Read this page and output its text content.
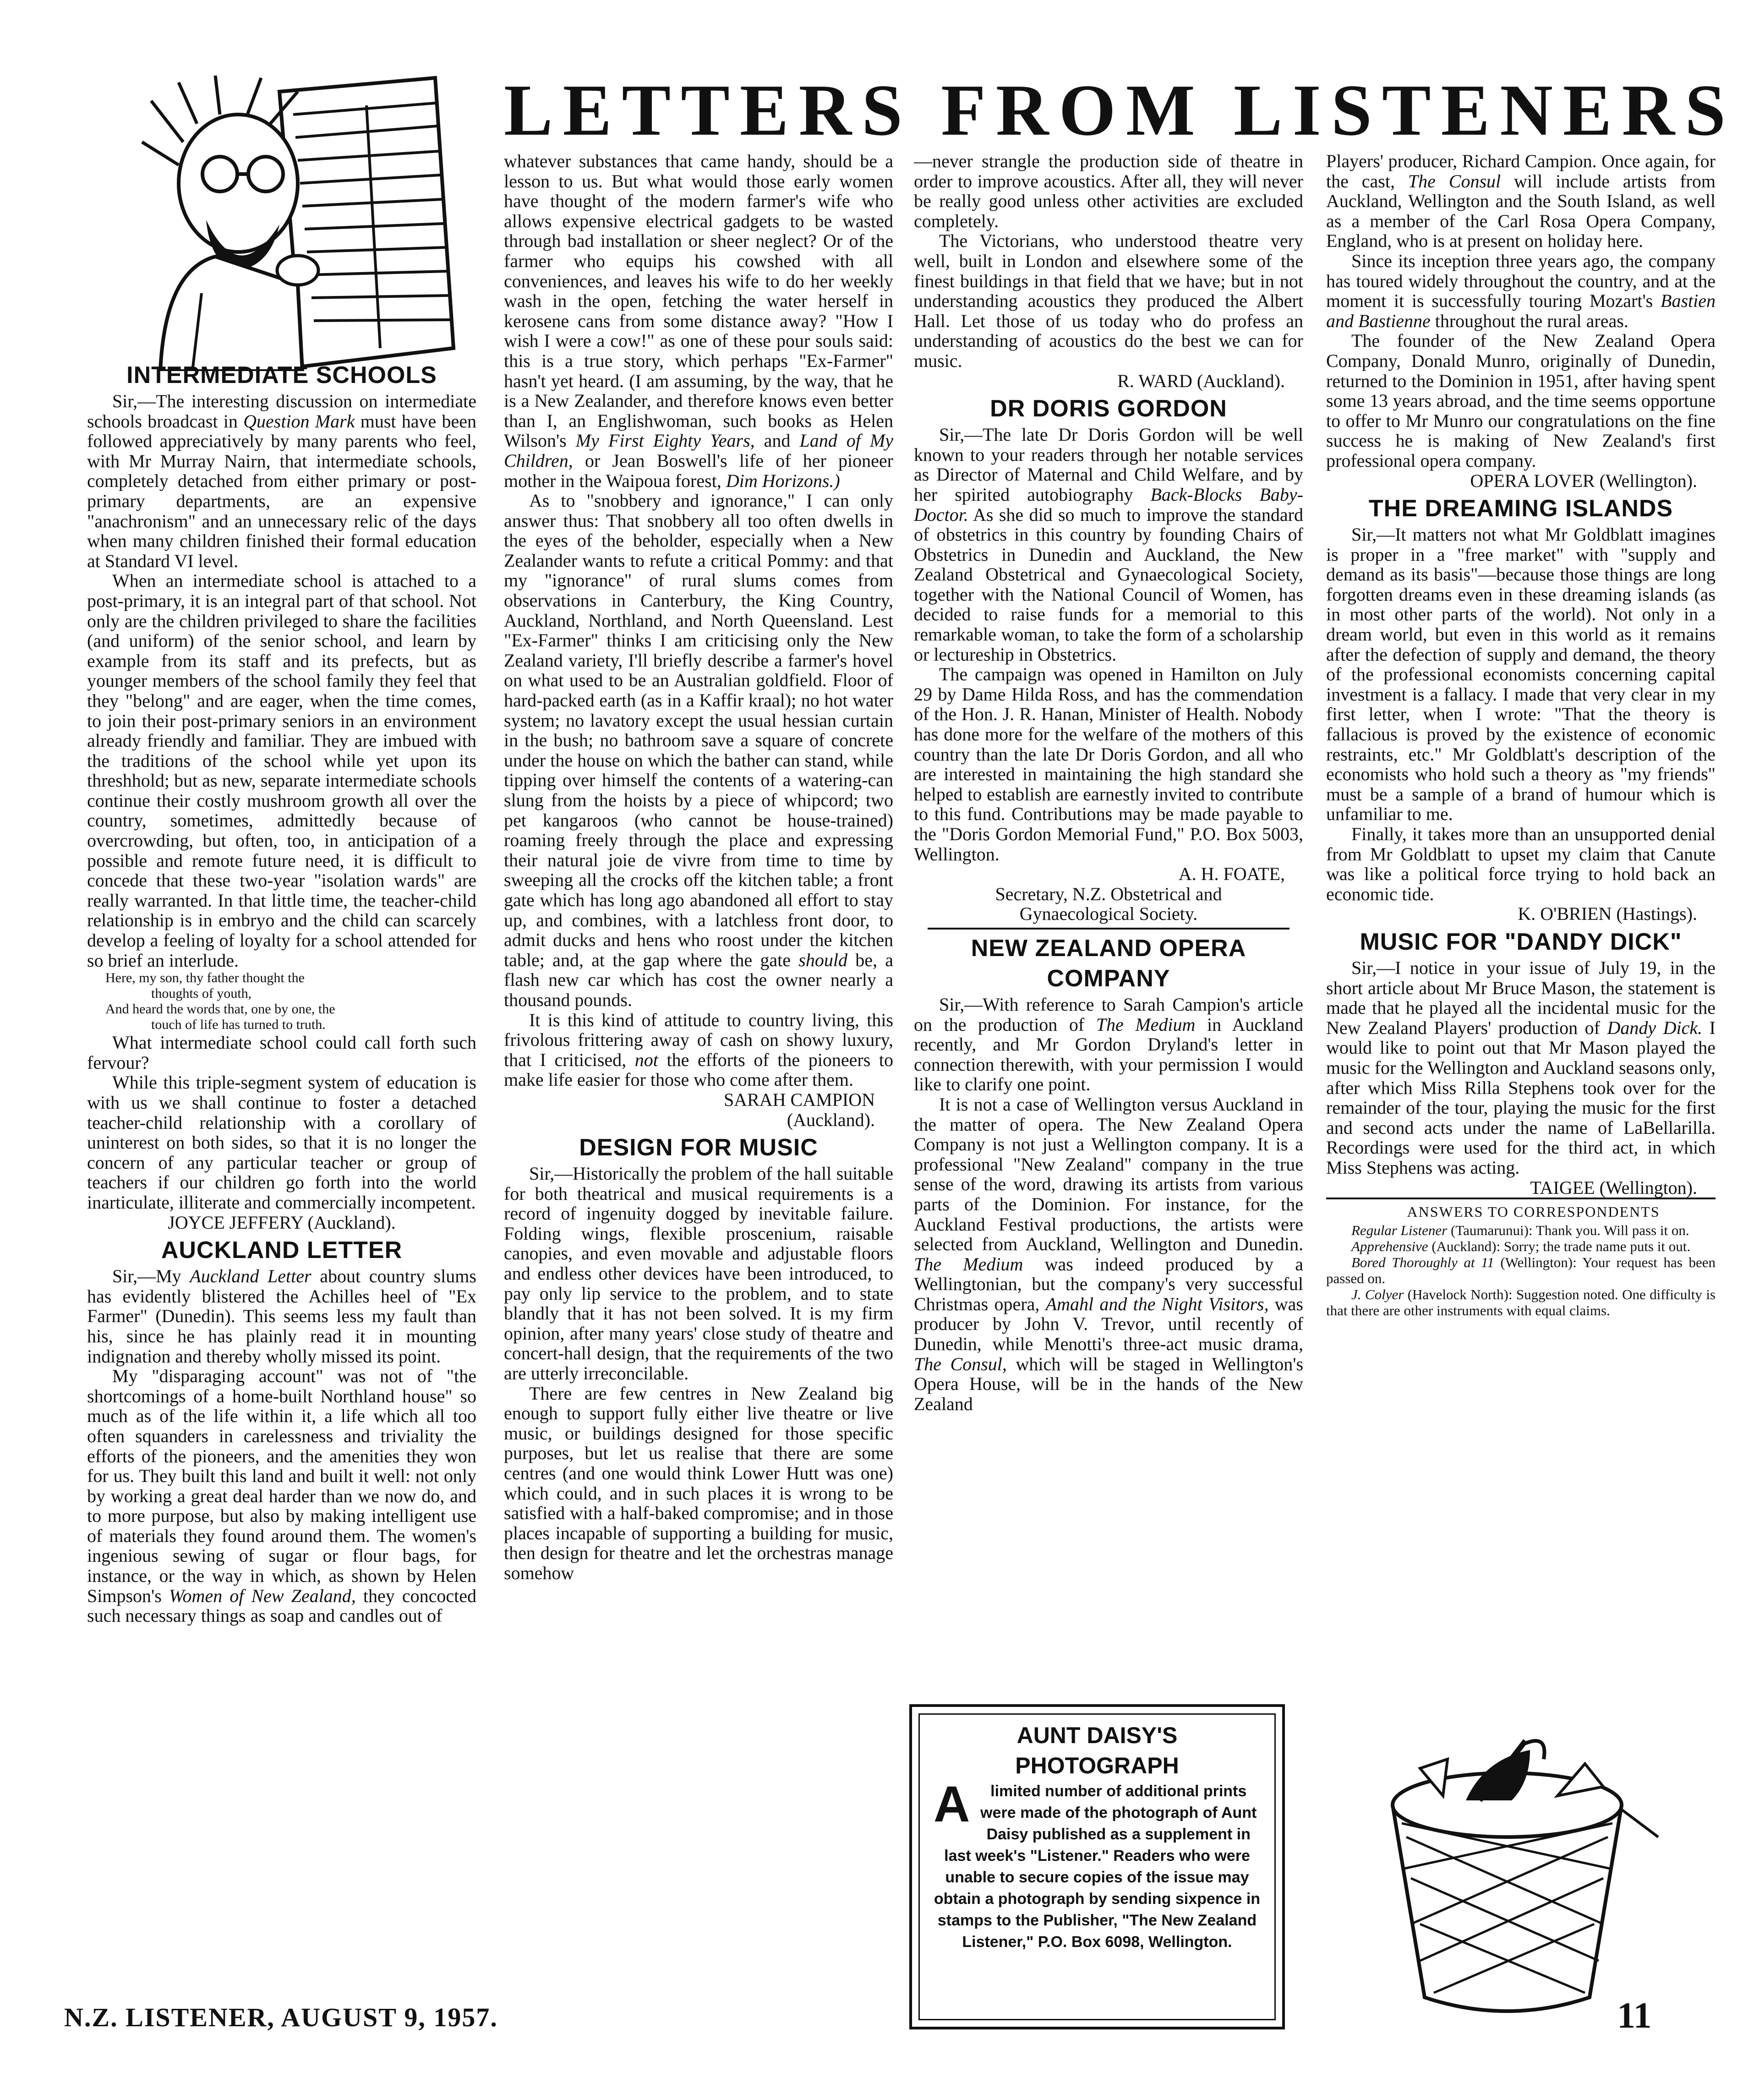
LETTERS FROM LISTENERS
INTERMEDIATE SCHOOLS

Sir,—The interesting discussion on intermediate schools broadcast in Question Mark must have been followed appreciatively by many parents who feel, with Mr Murray Nairn, that intermediate schools, completely detached from either primary or post-primary departments, are an expensive "anachronism" and an unnecessary relic of the days when many children finished their formal education at Standard VI level.

When an intermediate school is attached to a post-primary, it is an integral part of that school. Not only are the children privileged to share the facilities (and uniform) of the senior school, and learn by example from its staff and its prefects, but as younger members of the school family they feel that they "belong" and are eager, when the time comes, to join their post-primary seniors in an environment already friendly and familiar. They are imbued with the traditions of the school while yet upon its threshhold; but as new, separate intermediate schools continue their costly mushroom growth all over the country, sometimes, admittedly because of overcrowding, but often, too, in anticipation of a possible and remote future need, it is difficult to concede that these two-year "isolation wards" are really warranted. In that little time, the teacher-child relationship is in embryo and the child can scarcely develop a feeling of loyalty for a school attended for so brief an interlude.

Here, my son, thy father thought the

thoughts of youth,

And heard the words that, one by one, the

touch of life has turned to truth.

What intermediate school could call forth such fervour?

While this triple-segment system of education is with us we shall continue to foster a detached teacher-child relationship with a corollary of uninterest on both sides, so that it is no longer the concern of any particular teacher or group of teachers if our children go forth into the world inarticulate, illiterate and commercially incompetent.

JOYCE JEFFERY (Auckland).

AUCKLAND LETTER

Sir,—My Auckland Letter about country slums has evidently blistered the Achilles heel of "Ex Farmer" (Dunedin). This seems less my fault than his, since he has plainly read it in mounting indignation and thereby wholly missed its point.

My "disparaging account" was not of "the shortcomings of a home-built Northland house" so much as of the life within it, a life which all too often squanders in carelessness and triviality the efforts of the pioneers, and the amenities they won for us. They built this land and built it well: not only by working a great deal harder than we now do, and to more purpose, but also by making intelligent use of materials they found around them. The women's ingenious sewing of sugar or flour bags, for instance, or the way in which, as shown by Helen Simpson's Women of New Zealand, they concocted such necessary things as soap and candles out of

whatever substances that came handy, should be a lesson to us. But what would those early women have thought of the modern farmer's wife who allows expensive electrical gadgets to be wasted through bad installation or sheer neglect? Or of the farmer who equips his cowshed with all conveniences, and leaves his wife to do her weekly wash in the open, fetching the water herself in kerosene cans from some distance away? "How I wish I were a cow!" as one of these pour souls said: this is a true story, which perhaps "Ex-Farmer" hasn't yet heard. (I am assuming, by the way, that he is a New Zealander, and therefore knows even better than I, an Englishwoman, such books as Helen Wilson's My First Eighty Years, and Land of My Children, or Jean Boswell's life of her pioneer mother in the Waipoua forest, Dim Horizons.)

As to "snobbery and ignorance," I can only answer thus: That snobbery all too often dwells in the eyes of the beholder, especially when a New Zealander wants to refute a critical Pommy: and that my "ignorance" of rural slums comes from observations in Canterbury, the King Country, Auckland, Northland, and North Queensland. Lest "Ex-Farmer" thinks I am criticising only the New Zealand variety, I'll briefly describe a farmer's hovel on what used to be an Australian goldfield. Floor of hard-packed earth (as in a Kaffir kraal); no hot water system; no lavatory except the usual hessian curtain in the bush; no bathroom save a square of concrete under the house on which the bather can stand, while tipping over himself the contents of a watering-can slung from the hoists by a piece of whipcord; two pet kangaroos (who cannot be house-trained) roaming freely through the place and expressing their natural joie de vivre from time to time by sweeping all the crocks off the kitchen table; a front gate which has long ago abandoned all effort to stay up, and combines, with a latchless front door, to admit ducks and hens who roost under the kitchen table; and, at the gap where the gate should be, a flash new car which has cost the owner nearly a thousand pounds.

It is this kind of attitude to country living, this frivolous frittering away of cash on showy luxury, that I criticised, not the efforts of the pioneers to make life easier for those who come after them.

SARAH CAMPION

(Auckland).

DESIGN FOR MUSIC

Sir,—Historically the problem of the hall suitable for both theatrical and musical requirements is a record of ingenuity dogged by inevitable failure. Folding wings, flexible proscenium, raisable canopies, and even movable and adjustable floors and endless other devices have been introduced, to pay only lip service to the problem, and to state blandly that it has not been solved. It is my firm opinion, after many years' close study of theatre and concert-hall design, that the requirements of the two are utterly irreconcilable.

There are few centres in New Zealand big enough to support fully either live theatre or live music, or buildings designed for those specific purposes, but let us realise that there are some centres (and one would think Lower Hutt was one) which could, and in such places it is wrong to be satisfied with a half-baked compromise; and in those places incapable of supporting a building for music, then design for theatre and let the orchestras manage somehow

—never strangle the production side of theatre in order to improve acoustics. After all, they will never be really good unless other activities are excluded completely.

The Victorians, who understood theatre very well, built in London and elsewhere some of the finest buildings in that field that we have; but in not understanding acoustics they produced the Albert Hall. Let those of us today who do profess an understanding of acoustics do the best we can for music.

R. WARD (Auckland).

DR DORIS GORDON

Sir,—The late Dr Doris Gordon will be well known to your readers through her notable services as Director of Maternal and Child Welfare, and by her spirited autobiography Back-Blocks Baby-Doctor. As she did so much to improve the standard of obstetrics in this country by founding Chairs of Obstetrics in Dunedin and Auckland, the New Zealand Obstetrical and Gynaecological Society, together with the National Council of Women, has decided to raise funds for a memorial to this remarkable woman, to take the form of a scholarship or lectureship in Obstetrics.

The campaign was opened in Hamilton on July 29 by Dame Hilda Ross, and has the commendation of the Hon. J. R. Hanan, Minister of Health. Nobody has done more for the welfare of the mothers of this country than the late Dr Doris Gordon, and all who are interested in maintaining the high standard she helped to establish are earnestly invited to contribute to this fund. Contributions may be made payable to the "Doris Gordon Memorial Fund," P.O. Box 5003, Wellington.

A. H. FOATE,

Secretary, N.Z. Obstetrical and

Gynaecological Society.

NEW ZEALAND OPERA COMPANY

Sir,—With reference to Sarah Campion's article on the production of The Medium in Auckland recently, and Mr Gordon Dryland's letter in connection therewith, with your permission I would like to clarify one point.

It is not a case of Wellington versus Auckland in the matter of opera. The New Zealand Opera Company is not just a Wellington company. It is a professional "New Zealand" company in the true sense of the word, drawing its artists from various parts of the Dominion. For instance, for the Auckland Festival productions, the artists were selected from Auckland, Wellington and Dunedin. The Medium was indeed produced by a Wellingtonian, but the company's very successful Christmas opera, Amahl and the Night Visitors, was producer by John V. Trevor, until recently of Dunedin, while Menotti's three-act music drama, The Consul, which will be staged in Wellington's Opera House, will be in the hands of the New Zealand

Players' producer, Richard Campion. Once again, for the cast, The Consul will include artists from Auckland, Wellington and the South Island, as well as a member of the Carl Rosa Opera Company, England, who is at present on holiday here.

Since its inception three years ago, the company has toured widely throughout the country, and at the moment it is successfully touring Mozart's Bastien and Bastienne throughout the rural areas.

The founder of the New Zealand Opera Company, Donald Munro, originally of Dunedin, returned to the Dominion in 1951, after having spent some 13 years abroad, and the time seems opportune to offer to Mr Munro our congratulations on the fine success he is making of New Zealand's first professional opera company.

OPERA LOVER (Wellington).

THE DREAMING ISLANDS

Sir,—It matters not what Mr Goldblatt imagines is proper in a "free market" with "supply and demand as its basis"—because those things are long forgotten dreams even in these dreaming islands (as in most other parts of the world). Not only in a dream world, but even in this world as it remains after the defection of supply and demand, the theory of the professional economists concerning capital investment is a fallacy. I made that very clear in my first letter, when I wrote: "That the theory is fallacious is proved by the existence of economic restraints, etc." Mr Goldblatt's description of the economists who hold such a theory as "my friends" must be a sample of a brand of humour which is unfamiliar to me.

Finally, it takes more than an unsupported denial from Mr Goldblatt to upset my claim that Canute was like a political force trying to hold back an economic tide.

K. O'BRIEN (Hastings).

MUSIC FOR "DANDY DICK"

Sir,—I notice in your issue of July 19, in the short article about Mr Bruce Mason, the statement is made that he played all the incidental music for the New Zealand Players' production of Dandy Dick. I would like to point out that Mr Mason played the music for the Wellington and Auckland seasons only, after which Miss Rilla Stephens took over for the remainder of the tour, playing the music for the first and second acts under the name of LaBellarilla. Recordings were used for the third act, in which Miss Stephens was acting.

TAIGEE (Wellington).

ANSWERS TO CORRESPONDENTS

Regular Listener (Taumarunui): Thank you. Will pass it on.

Apprehensive (Auckland): Sorry; the trade name puts it out.

Bored Thoroughly at 11 (Wellington): Your request has been passed on.

J. Colyer (Havelock North): Suggestion noted. One difficulty is that there are other instruments with equal claims.

AUNT DAISY'S PHOTOGRAPH
A limited number of additional prints were made of the photograph of Aunt Daisy published as a supplement in last week's "Listener." Readers who were unable to secure copies of the issue may obtain a photograph by sending sixpence in stamps to the Publisher, "The New Zealand Listener," P.O. Box 6098, Wellington.
N.Z. LISTENER, AUGUST 9, 1957.	11
